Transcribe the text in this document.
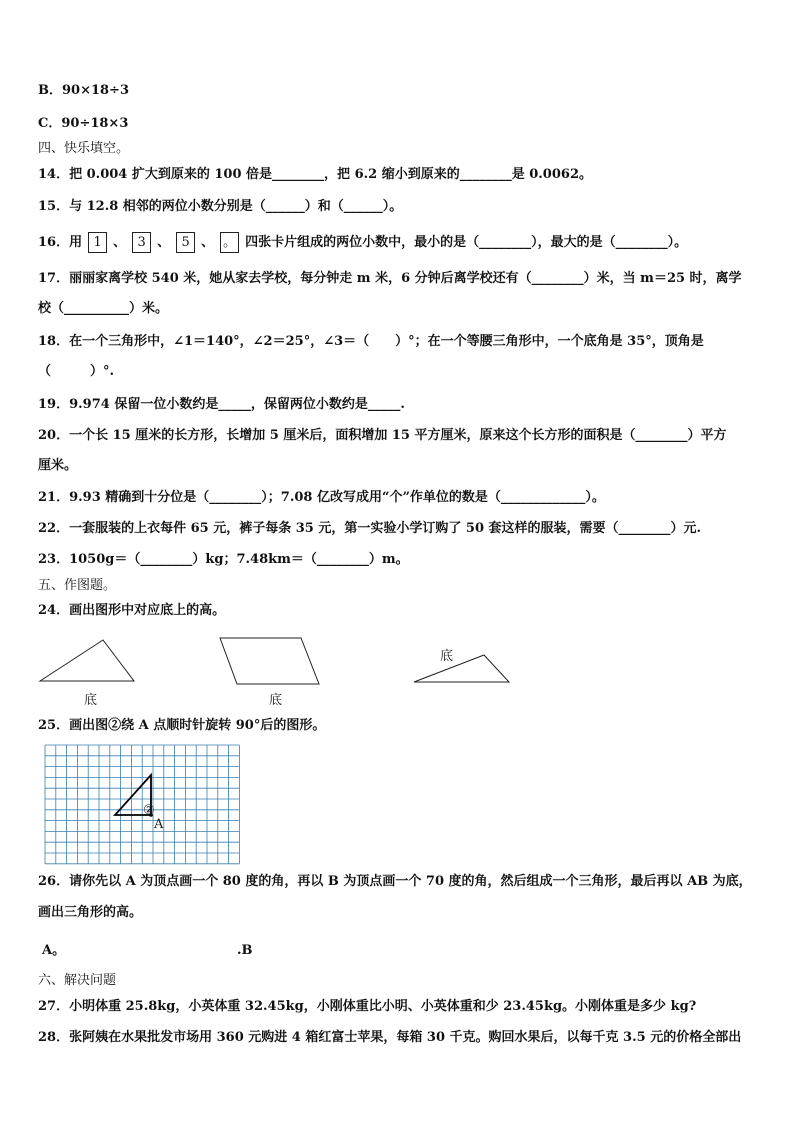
B．90×18÷3
C．90÷18×3
四、快乐填空。
14．把 0.004 扩大到原来的 100 倍是________，把 6.2 缩小到原来的________是 0.0062。
15．与 12.8 相邻的两位小数分别是（______）和（______）。
16．用 1 、 3 、 5 、 。 四张卡片组成的两位小数中，最小的是（________），最大的是（________）。
17．丽丽家离学校 540 米，她从家去学校，每分钟走 m 米，6 分钟后离学校还有（________）米，当 m＝25 时，离学
校（__________）米。
18．在一个三角形中，∠1＝140°，∠2＝25°，∠3＝（　　）°；在一个等腰三角形中，一个底角是 35°，顶角是
（　　　）°.
19．9.974 保留一位小数约是_____，保留两位小数约是_____.
20．一个长 15 厘米的长方形，长增加 5 厘米后，面积增加 15 平方厘米，原来这个长方形的面积是（________）平方
厘米。
21．9.93 精确到十分位是（________）；7.08 亿改写成用“个”作单位的数是（_____________）。
22．一套服装的上衣每件 65 元，裤子每条 35 元，第一实验小学订购了 50 套这样的服装，需要（________）元.
23．1050g＝（________）kg；7.48km＝（________）m。
五、作图题。
24．画出图形中对应底上的高。
底	底
底
25．画出图②绕 A 点顺时针旋转 90°后的图形。
②
A
26．请你先以 A 为顶点画一个 80 度的角，再以 B 为顶点画一个 70 度的角，然后组成一个三角形，最后再以 AB 为底，
画出三角形的高。
A。	.B
六、解决问题
27．小明体重 25.8kg，小英体重 32.45kg，小刚体重比小明、小英体重和少 23.45kg。小刚体重是多少 kg?
28．张阿姨在水果批发市场用 360 元购进 4 箱红富士苹果，每箱 30 千克。购回水果后，以每千克 3.5 元的价格全部出
